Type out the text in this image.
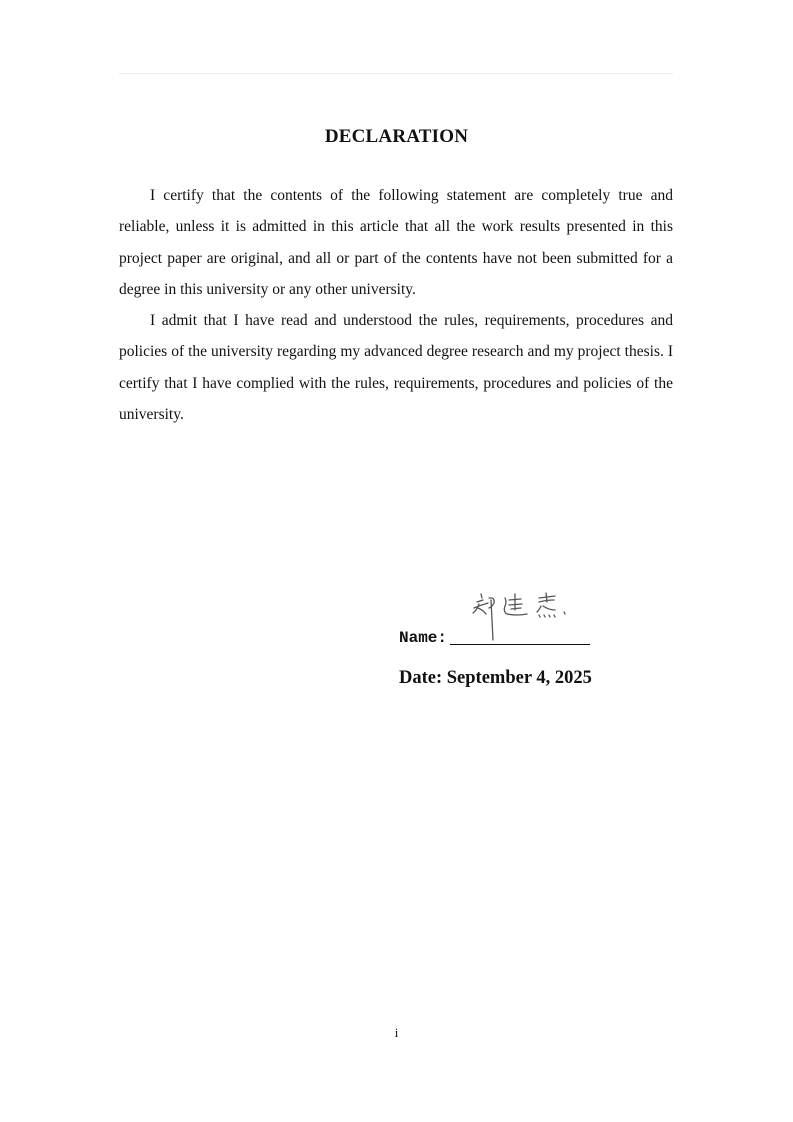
DECLARATION

I certify that the contents of the following statement are completely true and reliable, unless it is admitted in this article that all the work results presented in this project paper are original, and all or part of the contents have not been submitted for a degree in this university or any other university.

I admit that I have read and understood the rules, requirements, procedures and policies of the university regarding my advanced degree research and my project thesis. I certify that I have complied with the rules, requirements, procedures and policies of the university.

Name:
Date: September 4, 2025
i
